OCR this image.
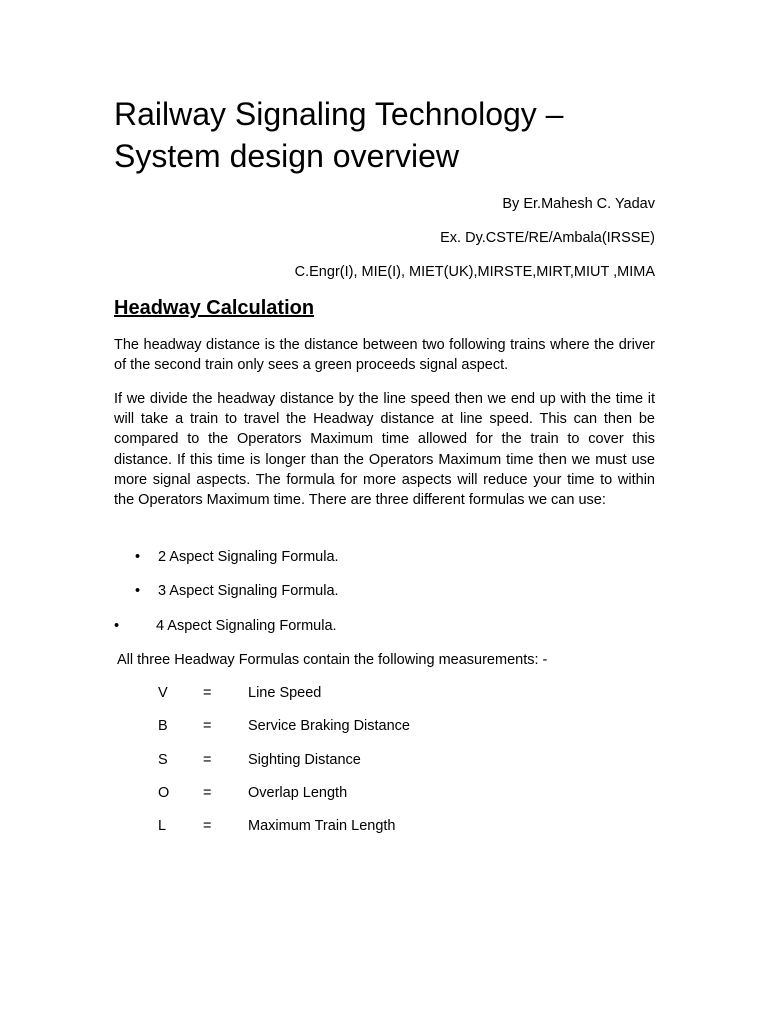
Railway Signaling Technology –
System design overview
By Er.Mahesh C. Yadav
Ex. Dy.CSTE/RE/Ambala(IRSSE)
C.Engr(I), MIE(I), MIET(UK),MIRSTE,MIRT,MIUT ,MIMA
Headway Calculation

The headway distance is the distance between two following trains where the driver of the second train only sees a green proceeds signal aspect.

If we divide the headway distance by the line speed then we end up with the time it will take a train to travel the Headway distance at line speed. This can then be compared to the Operators Maximum time allowed for the train to cover this distance. If this time is longer than the Operators Maximum time then we must use more signal aspects. The formula for more aspects will reduce your time to within the Operators Maximum time. There are three different formulas we can use:

• 2 Aspect Signaling Formula.
• 3 Aspect Signaling Formula.
•	4 Aspect Signaling Formula.
All three Headway Formulas contain the following measurements: -
V =	Line Speed
B =	Service Braking Distance
S =	Sighting Distance
O =	Overlap Length
L	=	Maximum Train Length
